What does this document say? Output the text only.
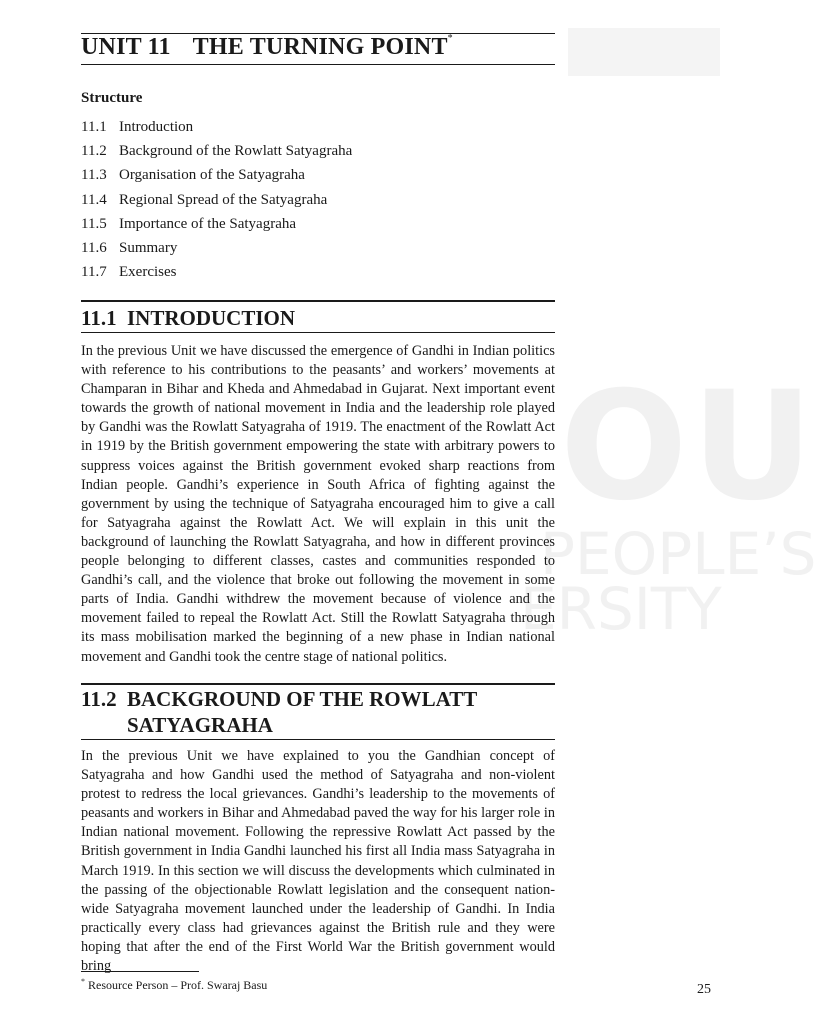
OU
PEOPLE’S
ERSITY
UNIT 11 THE TURNING POINT*
Structure
11.1 Introduction
11.2 Background of the Rowlatt Satyagraha
11.3 Organisation of the Satyagraha
11.4 Regional Spread of the Satyagraha
11.5 Importance of the Satyagraha
11.6 Summary
11.7 Exercises
11.1 INTRODUCTION

In the previous Unit we have discussed the emergence of Gandhi in Indian politics with reference to his contributions to the peasants’ and workers’ movements at Champaran in Bihar and Kheda and Ahmedabad in Gujarat. Next important event towards the growth of national movement in India and the leadership role played by Gandhi was the Rowlatt Satyagraha of 1919. The enactment of the Rowlatt Act in 1919 by the British government empowering the state with arbitrary powers to suppress voices against the British government evoked sharp reactions from Indian people. Gandhi’s experience in South Africa of fighting against the government by using the technique of Satyagraha encouraged him to give a call for Satyagraha against the Rowlatt Act. We will explain in this unit the background of launching the Rowlatt Satyagraha, and how in different provinces people belonging to different classes, castes and communities responded to Gandhi’s call, and the violence that broke out following the movement in some parts of India. Gandhi withdrew the movement because of violence and the movement failed to repeal the Rowlatt Act. Still the Rowlatt Satyagraha through its mass mobilisation marked the beginning of a new phase in Indian national movement and Gandhi took the centre stage of national politics.

11.2 BACKGROUND OF THE ROWLATT SATYAGRAHA

In the previous Unit we have explained to you the Gandhian concept of Satyagraha and how Gandhi used the method of Satyagraha and non-violent protest to redress the local grievances. Gandhi’s leadership to the movements of peasants and workers in Bihar and Ahmedabad paved the way for his larger role in Indian national movement. Following the repressive Rowlatt Act passed by the British government in India Gandhi launched his first all India mass Satyagraha in March 1919. In this section we will discuss the developments which culminated in the passing of the objectionable Rowlatt legislation and the consequent nation-wide Satyagraha movement launched under the leadership of Gandhi. In India practically every class had grievances against the British rule and they were hoping that after the end of the First World War the British government would bring

* Resource Person – Prof. Swaraj Basu	25
